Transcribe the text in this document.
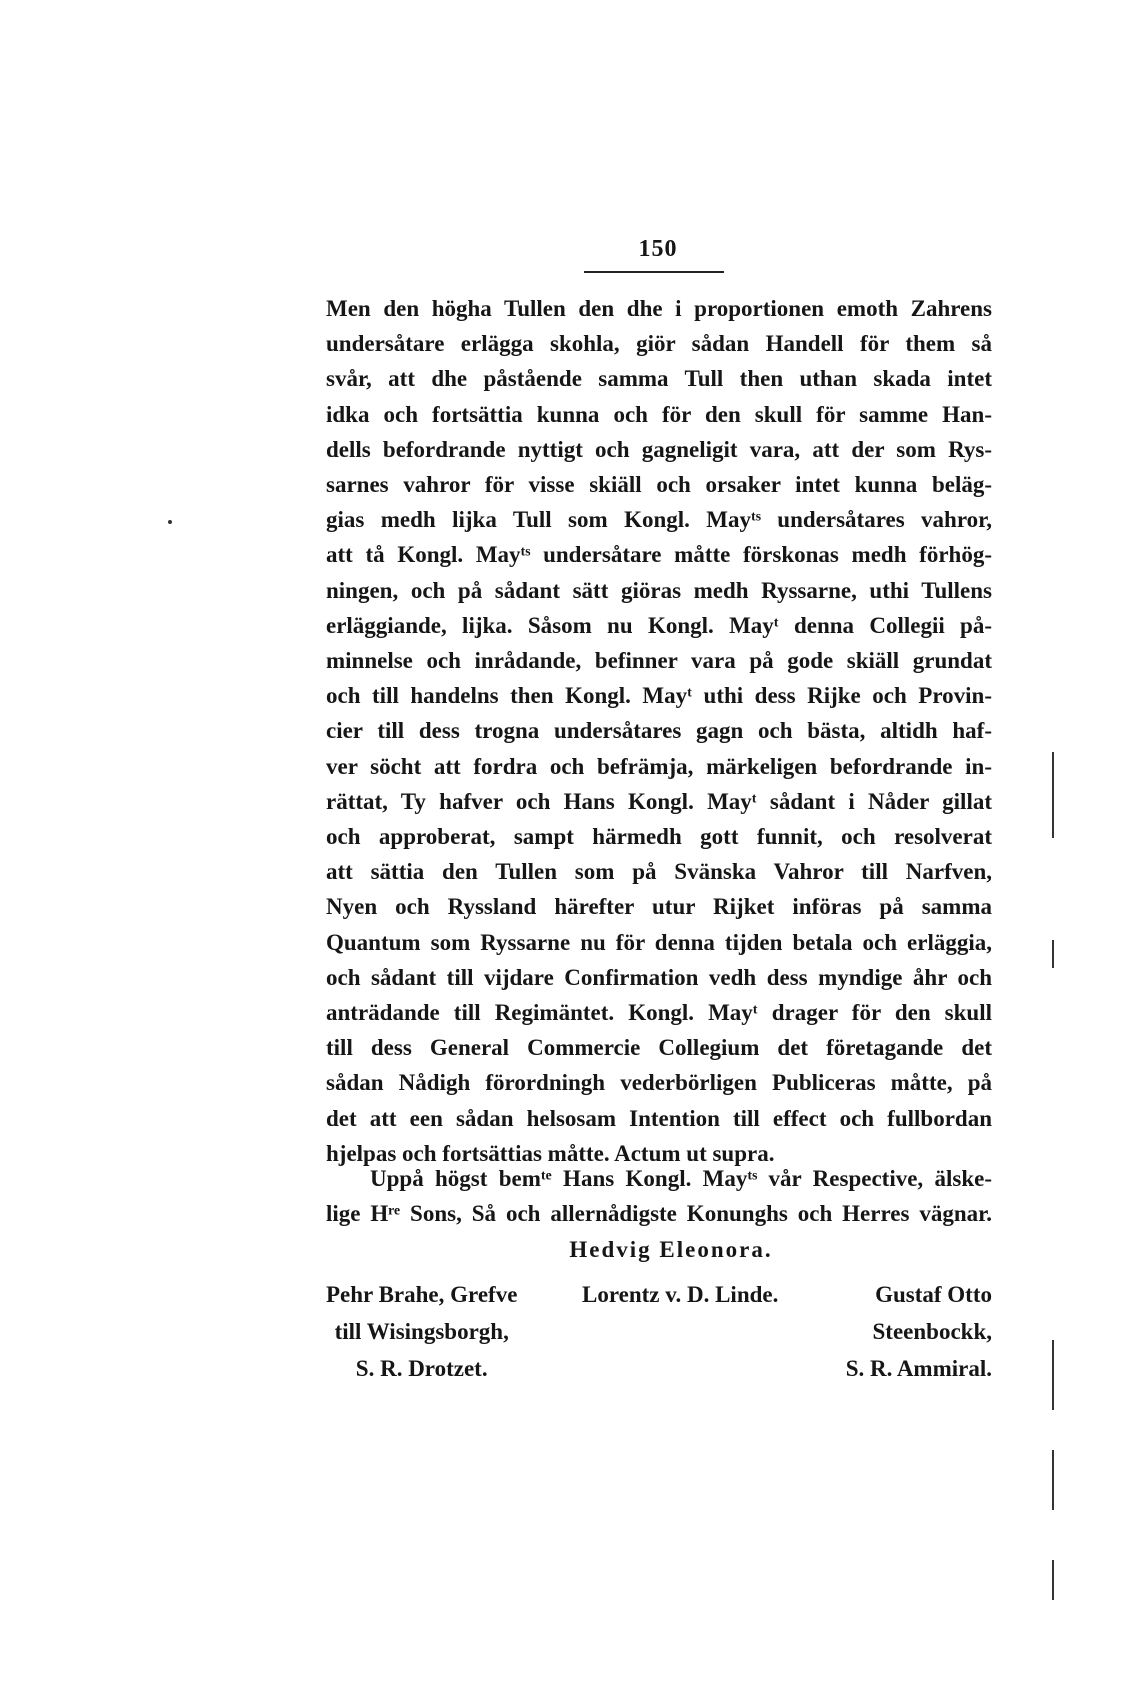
150

Men den högha Tullen den dhe i proportionen emoth Zahrens
undersåtare erlägga skohla, giör sådan Handell för them så
svår, att dhe påstående samma Tull then uthan skada intet
idka och fortsättia kunna och för den skull för samme Han-
dells befordrande nyttigt och gagneligit vara, att der som Rys-
sarnes vahror för visse skiäll och orsaker intet kunna beläg-
gias medh lijka Tull som Kongl. Mayᵗˢ undersåtares vahror,
att tå Kongl. Mayᵗˢ undersåtare måtte förskonas medh förhög-
ningen, och på sådant sätt giöras medh Ryssarne, uthi Tullens
erläggiande, lijka. Såsom nu Kongl. Mayᵗ denna Collegii på-
minnelse och inrådande, befinner vara på gode skiäll grundat
och till handelns then Kongl. Mayᵗ uthi dess Rijke och Provin-
cier till dess trogna undersåtares gagn och bästa, altidh haf-
ver söcht att fordra och befrämja, märkeligen befordrande in-
rättat, Ty hafver och Hans Kongl. Mayᵗ sådant i Nåder gillat
och approberat, sampt härmedh gott funnit, och resolverat
att sättia den Tullen som på Svänska Vahror till Narfven,
Nyen och Ryssland härefter utur Rijket införas på samma
Quantum som Ryssarne nu för denna tijden betala och erläggia,
och sådant till vijdare Confirmation vedh dess myndige åhr och
anträdande till Regimäntet. Kongl. Mayᵗ drager för den skull
till dess General Commercie Collegium det företagande det
sådan Nådigh förordningh vederbörligen Publiceras måtte, på
det att een sådan helsosam Intention till effect och fullbordan
hjelpas och fortsättias måtte. Actum ut supra.

Uppå högst bemᵗᵉ Hans Kongl. Mayᵗˢ vår Respective, älske-
lige Hʳᵉ Sons, Så och allernådigste Konunghs och Herres vägnar.

Hedvig Eleonora.
Pehr Brahe, Grefve
till Wisingsborgh,
S. R. Drotzet.
Lorentz v. D. Linde.	Gustaf Otto
Steenbockk,
S. R. Ammiral.
